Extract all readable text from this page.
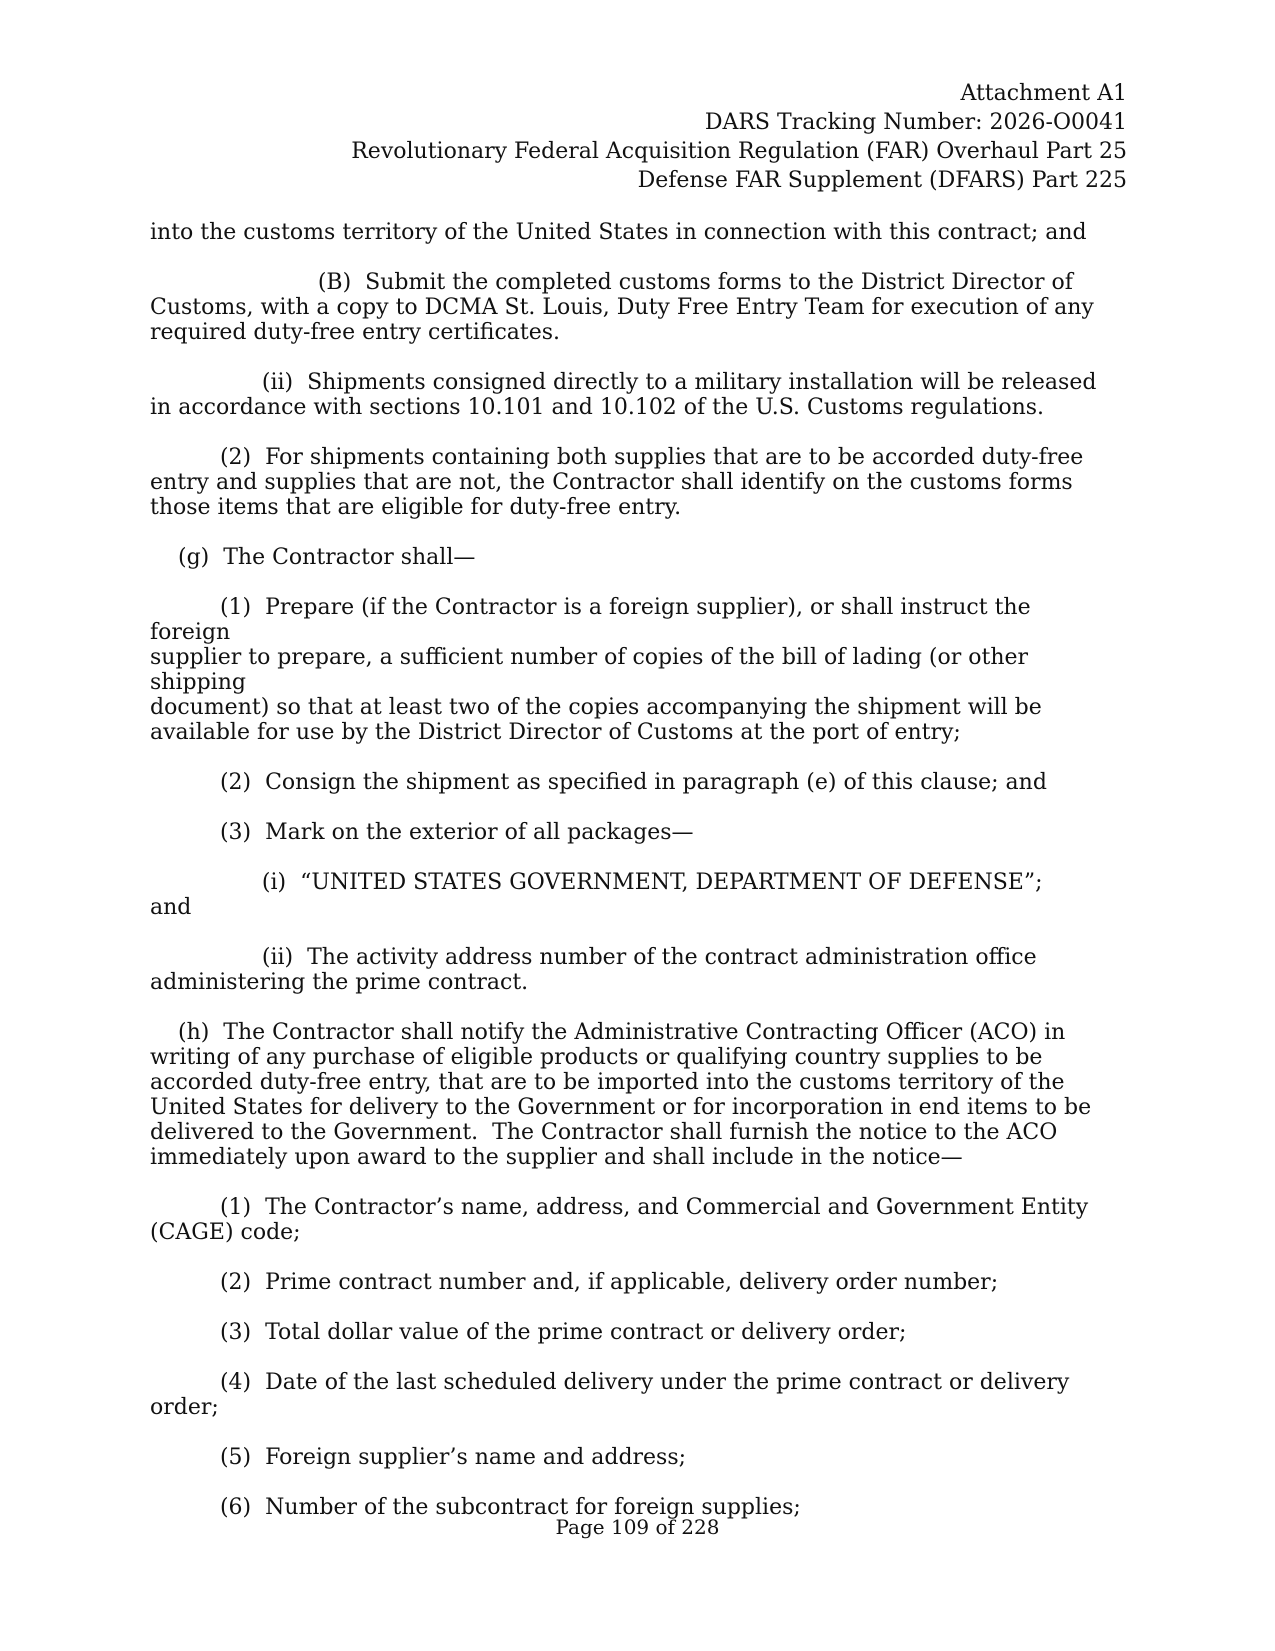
Attachment A1
DARS Tracking Number: 2026-O0041
Revolutionary Federal Acquisition Regulation (FAR) Overhaul Part 25
Defense FAR Supplement (DFARS) Part 225

into the customs territory of the United States in connection with this contract; and

(B)  Submit the completed customs forms to the District Director of
Customs, with a copy to DCMA St. Louis, Duty Free Entry Team for execution of any
required duty-free entry certificates.

(ii)  Shipments consigned directly to a military installation will be released
in accordance with sections 10.101 and 10.102 of the U.S. Customs regulations.

(2)  For shipments containing both supplies that are to be accorded duty-free
entry and supplies that are not, the Contractor shall identify on the customs forms
those items that are eligible for duty-free entry.

(g)  The Contractor shall—

(1)  Prepare (if the Contractor is a foreign supplier), or shall instruct the foreign
supplier to prepare, a sufficient number of copies of the bill of lading (or other shipping
document) so that at least two of the copies accompanying the shipment will be
available for use by the District Director of Customs at the port of entry;

(2)  Consign the shipment as specified in paragraph (e) of this clause; and

(3)  Mark on the exterior of all packages—

(i)  “UNITED STATES GOVERNMENT, DEPARTMENT OF DEFENSE”;
and

(ii)  The activity address number of the contract administration office
administering the prime contract.

(h)  The Contractor shall notify the Administrative Contracting Officer (ACO) in
writing of any purchase of eligible products or qualifying country supplies to be
accorded duty-free entry, that are to be imported into the customs territory of the
United States for delivery to the Government or for incorporation in end items to be
delivered to the Government.  The Contractor shall furnish the notice to the ACO
immediately upon award to the supplier and shall include in the notice—

(1)  The Contractor’s name, address, and Commercial and Government Entity
(CAGE) code;

(2)  Prime contract number and, if applicable, delivery order number;

(3)  Total dollar value of the prime contract or delivery order;

(4)  Date of the last scheduled delivery under the prime contract or delivery
order;

(5)  Foreign supplier’s name and address;

(6)  Number of the subcontract for foreign supplies;

Page 109 of 228
